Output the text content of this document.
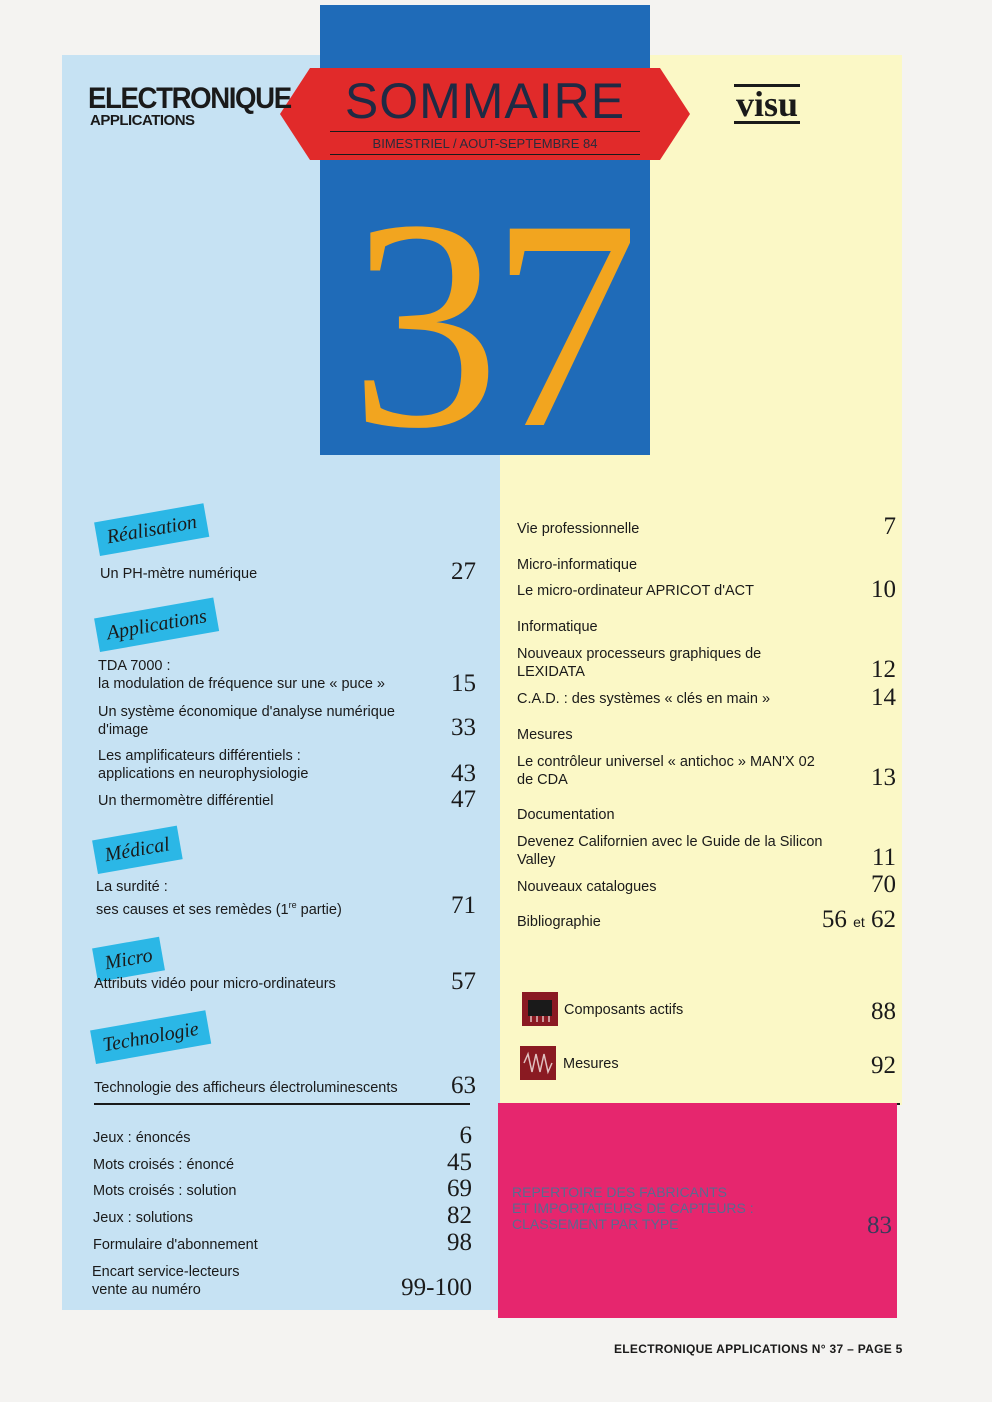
SOMMAIRE
BIMESTRIEL / AOUT-SEPTEMBRE 84
ELECTRONIQUE
APPLICATIONS	visu
37
Réalisation
Un PH-mètre numérique	27
Applications
TDA 7000 :
la modulation de fréquence sur une « puce »	15
Un système économique d'analyse numérique
d'image	33
Les amplificateurs différentiels :
applications en neurophysiologie	43
Un thermomètre différentiel	47
Médical
La surdité :
ses causes et ses remèdes (1re partie)	71
Micro
Attributs vidéo pour micro-ordinateurs	57
Technologie
Technologie des afficheurs électroluminescents	63
Jeux : énoncés	6
Mots croisés : énoncé	45
Mots croisés : solution	69
Jeux : solutions	82
Formulaire d'abonnement	98
Encart service-lecteurs
vente au numéro	99-100
Vie professionnelle	7
Micro-informatique
Le micro-ordinateur APRICOT d'ACT	10
Informatique
Nouveaux processeurs graphiques de
LEXIDATA	12
C.A.D. : des systèmes « clés en main »	14
Mesures
Le contrôleur universel « antichoc » MAN'X 02
de CDA	13
Documentation
Devenez Californien avec le Guide de la Silicon
Valley	11
Nouveaux catalogues	70
Bibliographie	56 et 62
Composants actifs	88
Mesures	92
REPERTOIRE DES FABRICANTS
ET IMPORTATEURS DE CAPTEURS :
CLASSEMENT PAR TYPE	83
ELECTRONIQUE APPLICATIONS N° 37 – PAGE 5
